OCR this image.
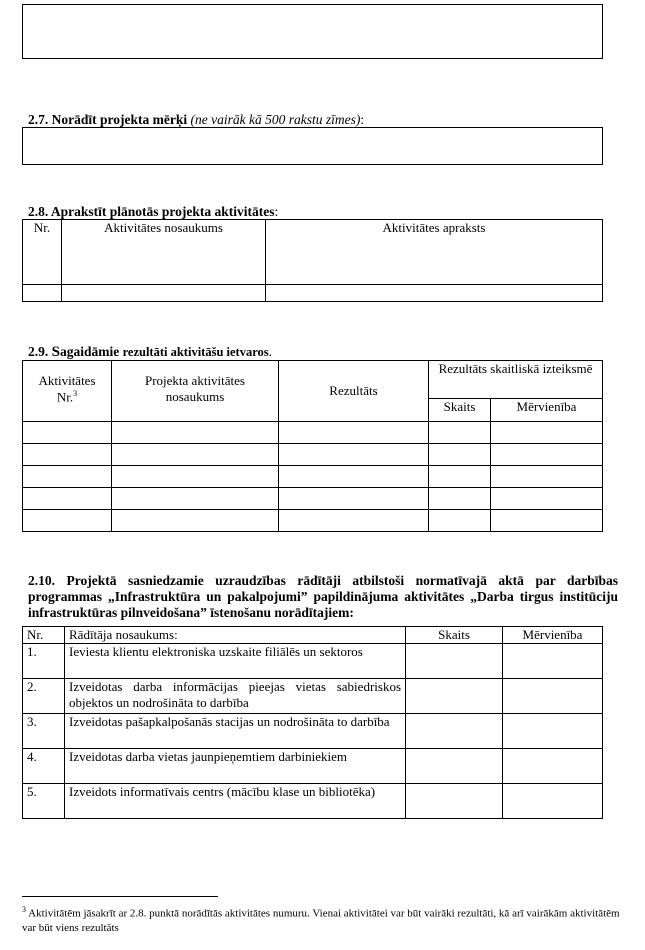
2.7. Norādīt projekta mērķi (ne vairāk kā 500 rakstu zīmes):
2.8. Aprakstīt plānotās projekta aktivitātes:
Nr.	Aktivitātes nosaukums	Aktivitātes apraksts

2.9. Sagaidāmie rezultāti aktivitāšu ietvaros.
Aktivitātes Nr.$^3$	Projekta aktivitātes nosaukums	Rezultāts	Rezultāts skaitliskā izteiksmē	
			Skaits	Mērvienība

2.10. Projektā sasniedzamie uzraudzības rādītāji atbilstoši normatīvajā aktā par darbības programmas „Infrastruktūra un pakalpojumi” papildinājuma aktivitātes „Darba tirgus institūciju infrastruktūras pilnveidošana” īstenošanu norādītajiem:
Nr.	Rādītāja nosaukums:	Skaits	Mērvienība
1.	Ieviesta klientu elektroniska uzskaite filiālēs un sektoros		
2.	Izveidotas darba informācijas pieejas vietas sabiedriskos objektos un nodrošināta to darbība		
3.	Izveidotas pašapkalpošanās stacijas un nodrošināta to darbība		
4.	Izveidotas darba vietas jaunpieņemtiem darbiniekiem		
5.	Izveidots informatīvais centrs (mācību klase un bibliotēka)		
$^3$ Aktivitātēm jāsakrīt ar 2.8. punktā norādītās aktivitātes numuru. Vienai aktivitātei var būt vairāki rezultāti, kā arī vairākām aktivitātēm var būt viens rezultāts
